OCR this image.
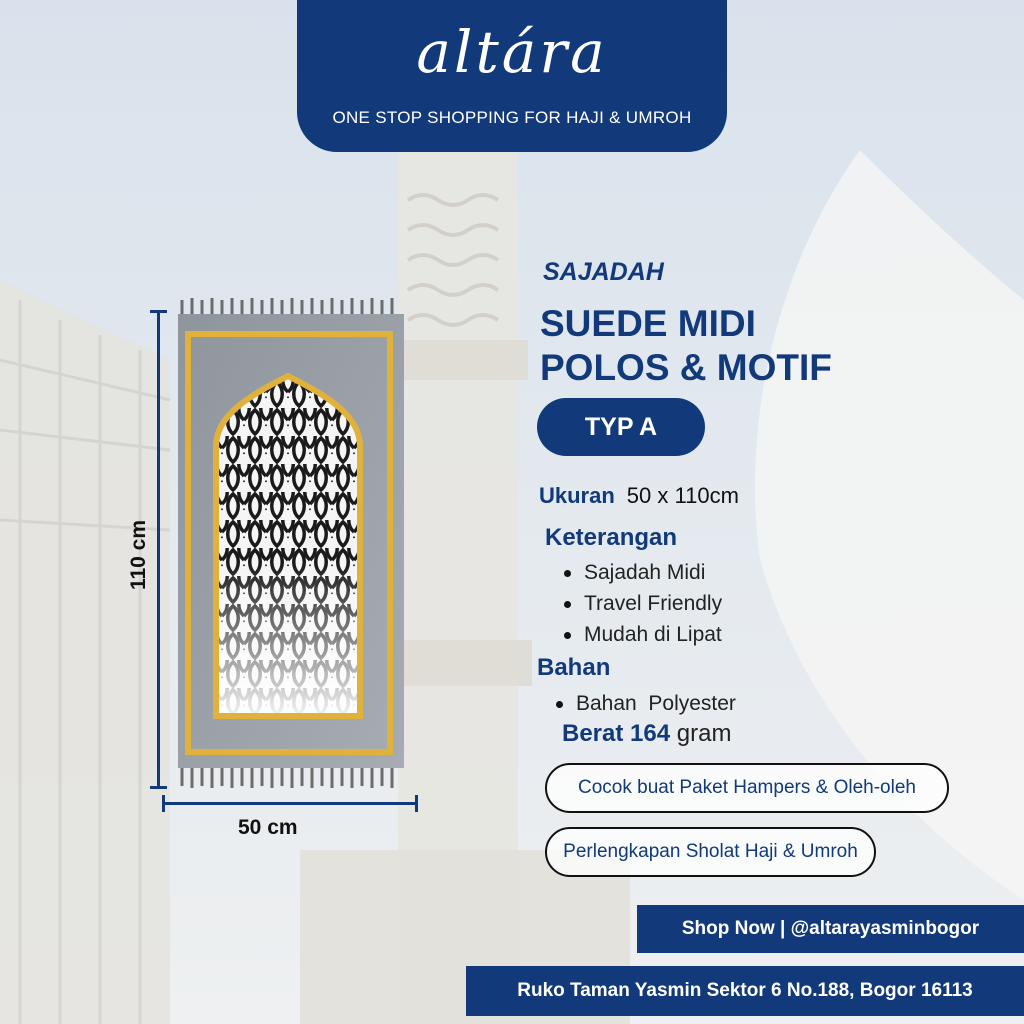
altára
ONE STOP SHOPPING FOR HAJI & UMROH
110 cm
50 cm
SAJADAH
SUEDE MIDI
POLOS & MOTIF
TYP A
Ukuran 50 x 110cm
Keterangan
Sajadah Midi
Travel Friendly
Mudah di Lipat
Bahan
Bahan  Polyester
Berat 164 gram
Cocok buat Paket Hampers & Oleh-oleh
Perlengkapan Sholat Haji & Umroh
Shop Now | @altarayasminbogor
Ruko Taman Yasmin Sektor 6 No.188, Bogor 16113
